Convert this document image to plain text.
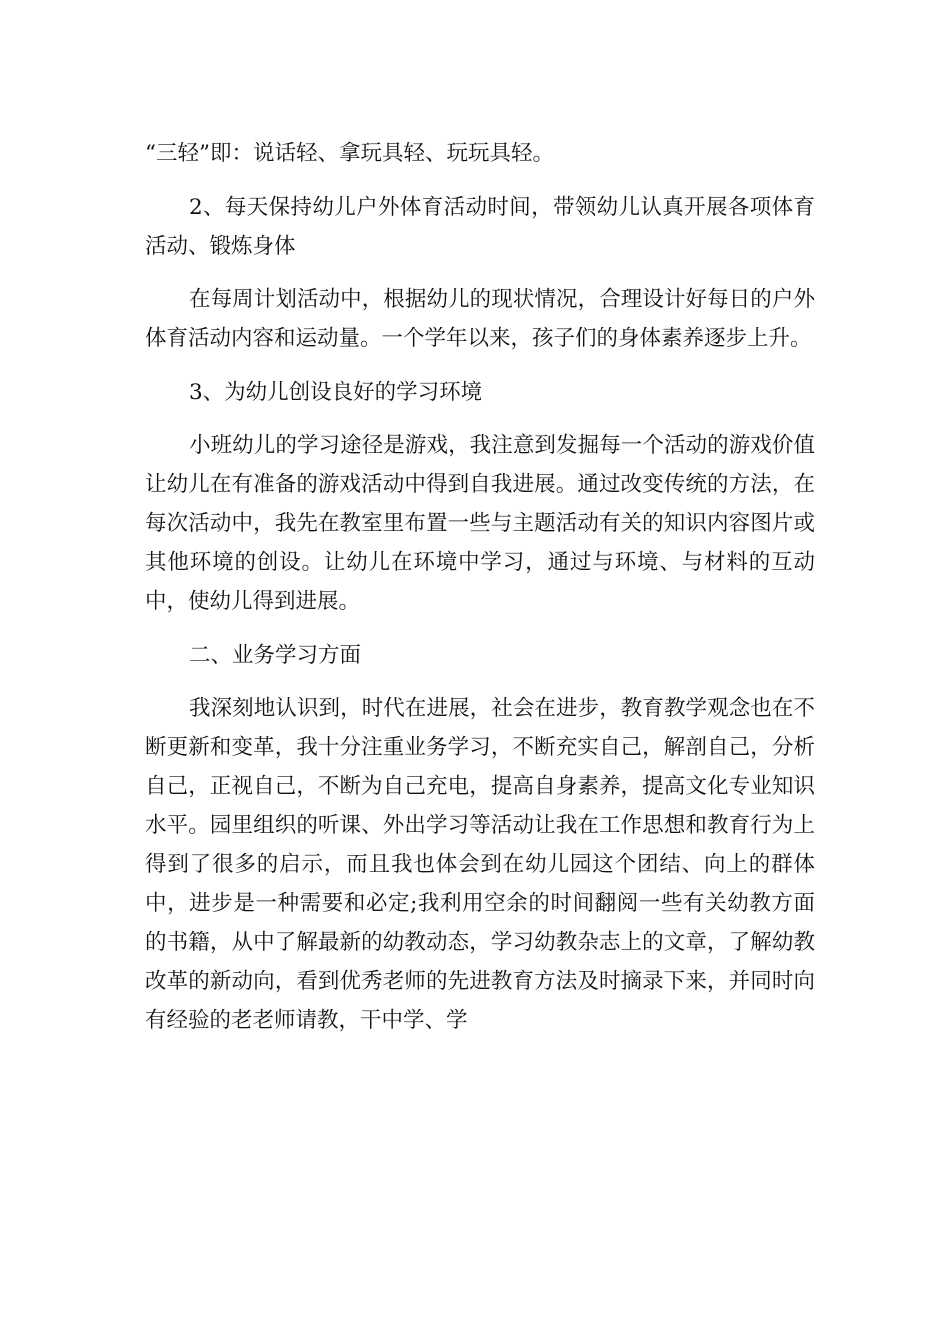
“三轻”即：说话轻、拿玩具轻、玩玩具轻。

2、每天保持幼儿户外体育活动时间，带领幼儿认真开展各项体育活动、锻炼身体

在每周计划活动中，根据幼儿的现状情况，合理设计好每日的户外体育活动内容和运动量。一个学年以来，孩子们的身体素养逐步上升。

3、为幼儿创设良好的学习环境

小班幼儿的学习途径是游戏，我注意到发掘每一个活动的游戏价值让幼儿在有准备的游戏活动中得到自我进展。通过改变传统的方法，在每次活动中，我先在教室里布置一些与主题活动有关的知识内容图片或其他环境的创设。让幼儿在环境中学习，通过与环境、与材料的互动中，使幼儿得到进展。

二、业务学习方面

我深刻地认识到，时代在进展，社会在进步，教育教学观念也在不断更新和变革，我十分注重业务学习，不断充实自己，解剖自己，分析自己，正视自己，不断为自己充电，提高自身素养，提高文化专业知识水平。园里组织的听课、外出学习等活动让我在工作思想和教育行为上得到了很多的启示，而且我也体会到在幼儿园这个团结、向上的群体中，进步是一种需要和必定;我利用空余的时间翻阅一些有关幼教方面的书籍，从中了解最新的幼教动态，学习幼教杂志上的文章，了解幼教改革的新动向，看到优秀老师的先进教育方法及时摘录下来，并同时向有经验的老老师请教，干中学、学
